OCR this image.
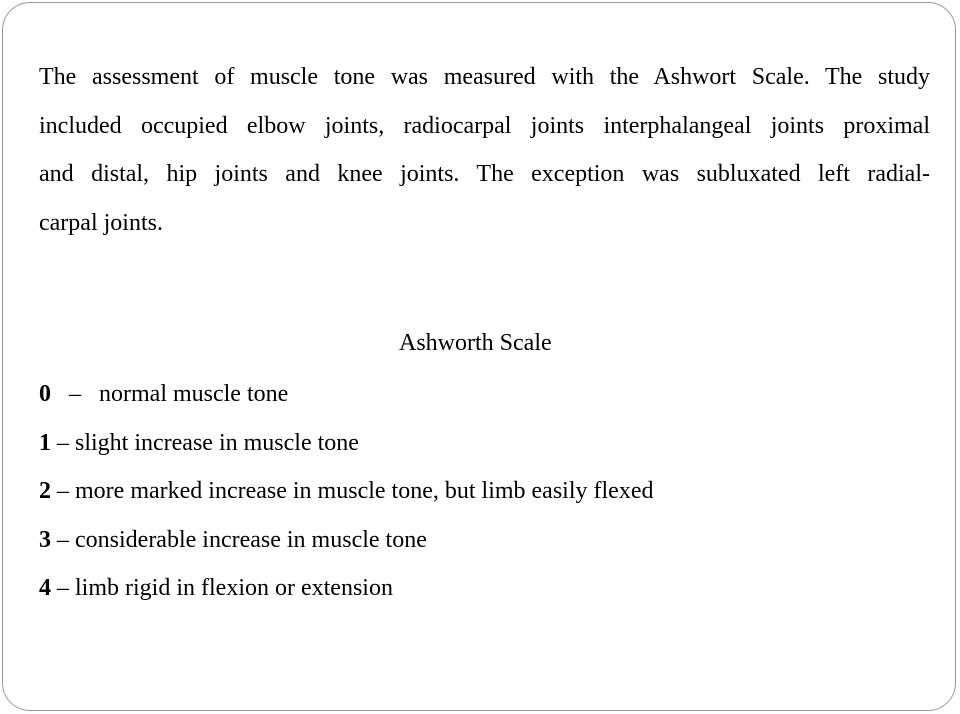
The assessment of muscle tone was measured with the Ashwort Scale. The study
included occupied elbow joints, radiocarpal joints interphalangeal joints proximal
and distal, hip joints and knee joints. The exception was subluxated left radial-
carpal joints.

Ashworth Scale

0 – normal muscle tone
1 – slight increase in muscle tone
2 – more marked increase in muscle tone, but limb easily flexed
3 – considerable increase in muscle tone
4 – limb rigid in flexion or extension
